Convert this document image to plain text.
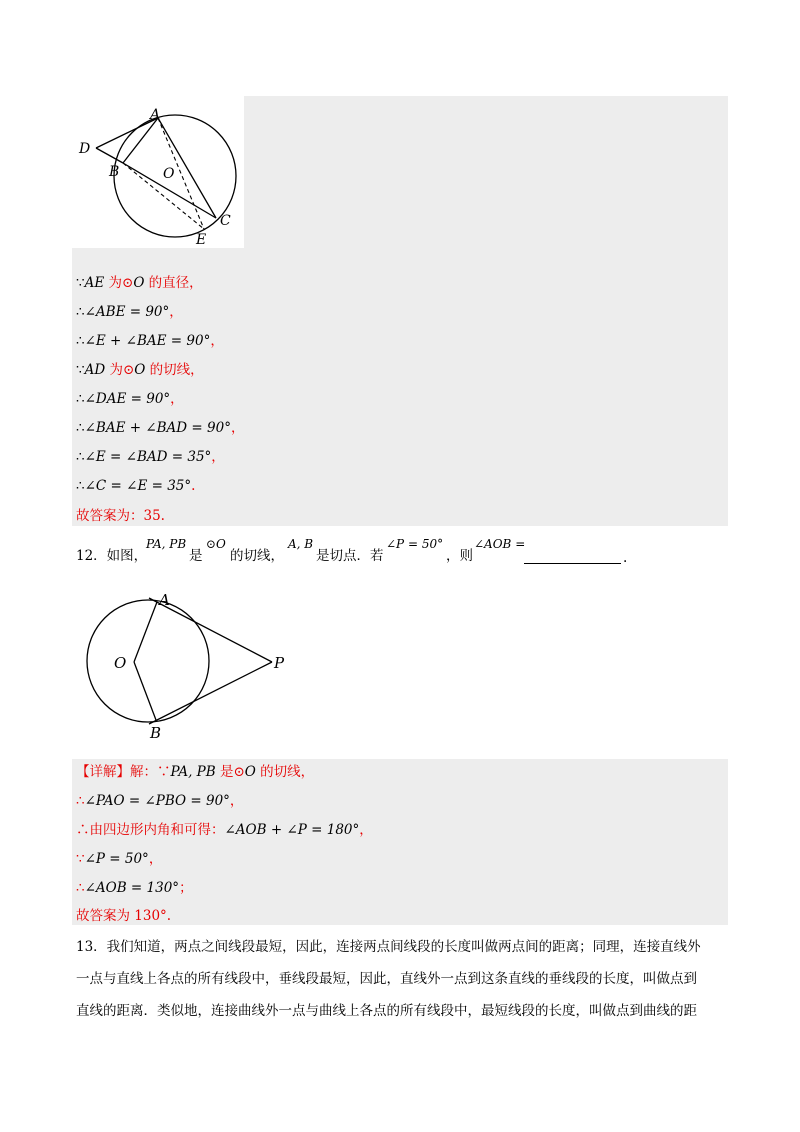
A
D
B	O
C
E
∵AE 为⊙O 的直径，
∴∠ABE = 90°，
∴∠E + ∠BAE = 90°，
∵AD 为⊙O 的切线，
∴∠DAE = 90°，
∴∠BAE + ∠BAD = 90°，
∴∠E = ∠BAD = 35°，
∴∠C = ∠E = 35°.
故答案为：35.
12．如图，
PA, PB
是
⊙O
的切线，
A, B
是切点．若
∠P = 50°
，则
∠AOB =
.
A
O	P
B
【详解】解：∵PA, PB 是⊙O 的切线，
∴∠PAO = ∠PBO = 90°，
∴由四边形内角和可得：∠AOB + ∠P = 180°，
∵∠P = 50°，
∴∠AOB = 130°；
故答案为 130°.
13．我们知道，两点之间线段最短，因此，连接两点间线段的长度叫做两点间的距离；同理，连接直线外
一点与直线上各点的所有线段中，垂线段最短，因此，直线外一点到这条直线的垂线段的长度，叫做点到
直线的距离．类似地，连接曲线外一点与曲线上各点的所有线段中，最短线段的长度，叫做点到曲线的距
